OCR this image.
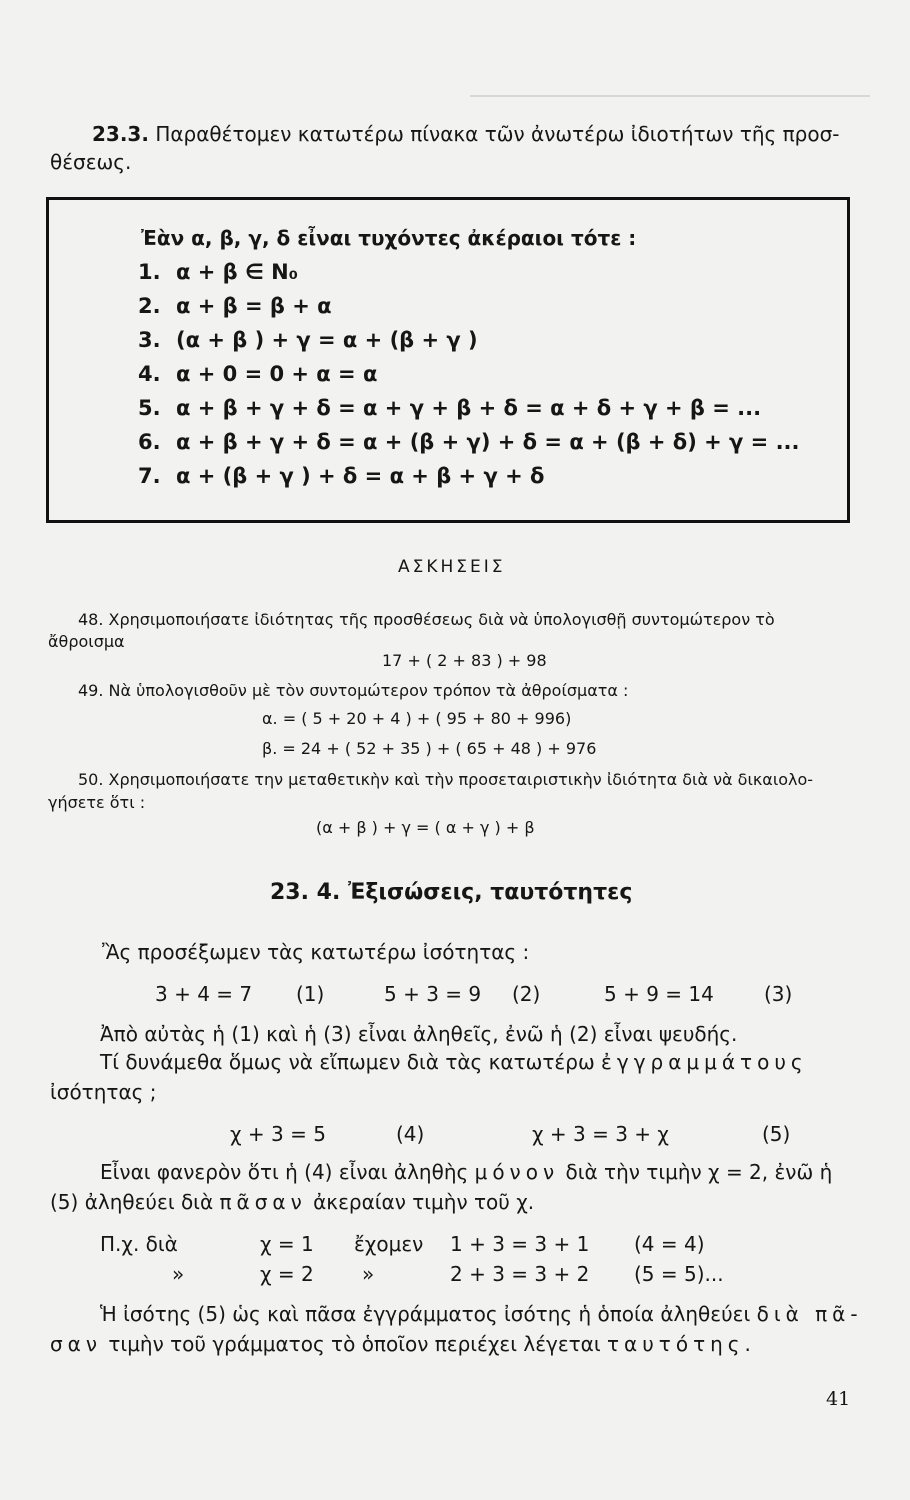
23.3. Παραθέτομεν κατωτέρω πίνακα τῶν ἀνωτέρω ἰδιοτήτων τῆς προσ-
θέσεως.
Ἐὰν α, β, γ, δ εἶναι τυχόντες ἀκέραιοι τότε :
1. α + β ∈ N₀
2. α + β = β + α
3. (α + β ) + γ = α + (β + γ )
4. α + 0 = 0 + α = α
5. α + β + γ + δ = α + γ + β + δ = α + δ + γ + β = ...
6. α + β + γ + δ = α + (β + γ) + δ = α + (β + δ) + γ = ...
7. α + (β + γ ) + δ = α + β + γ + δ
ΑΣΚΗΣΕΙΣ
48. Χρησιμοποιήσατε ἰδιότητας τῆς προσθέσεως διὰ νὰ ὑπολογισθῇ συντομώτερον τὸ
ἄθροισμα
17 + ( 2 + 83 ) + 98
49. Νὰ ὑπολογισθοῦν μὲ τὸν συντομώτερον τρόπον τὰ ἀθροίσματα :
α. = ( 5 + 20 + 4 ) + ( 95 + 80 + 996)
β. = 24 + ( 52 + 35 ) + ( 65 + 48 ) + 976
50. Χρησιμοποιήσατε την μεταθετικὴν καὶ τὴν προσεταιριστικὴν ἰδιότητα διὰ νὰ δικαιολο-
γήσετε ὅτι :
(α + β ) + γ = ( α + γ ) + β
23. 4. Ἐξισώσεις, ταυτότητες
Ἂς προσέξωμεν τὰς κατωτέρω ἰσότητας :
3 + 4 = 7 (1)	5 + 3 = 9 (2)	5 + 9 = 14	(3)
Ἀπὸ αὐτὰς ἡ (1) καὶ ἡ (3) εἶναι ἀληθεῖς, ἐνῶ ἡ (2) εἶναι ψευδής.
Τί δυνάμεθα ὅμως νὰ εἴπωμεν διὰ τὰς κατωτέρω ἐγγραμμάτους
ἰσότητας ;
χ + 3 = 5	(4)	χ + 3 = 3 + χ	(5)
Εἶναι φανερὸν ὅτι ἡ (4) εἶναι ἀληθὴς μόνον διὰ τὴν τιμὴν χ = 2, ἐνῶ ἡ
(5) ἀληθεύει διὰ πᾶσαν ἀκεραίαν τιμὴν τοῦ χ.
Π.χ. διὰ	χ = 1 ἔχομεν 1 + 3 = 3 + 1 (4 = 4)
»	χ = 2 »	2 + 3 = 3 + 2 (5 = 5)...
Ἡ ἰσότης (5) ὡς καὶ πᾶσα ἐγγράμματος ἰσότης ἡ ὁποία ἀληθεύει διὰ πᾶ-
σαν τιμὴν τοῦ γράμματος τὸ ὁποῖον περιέχει λέγεται ταυτότης.
41
